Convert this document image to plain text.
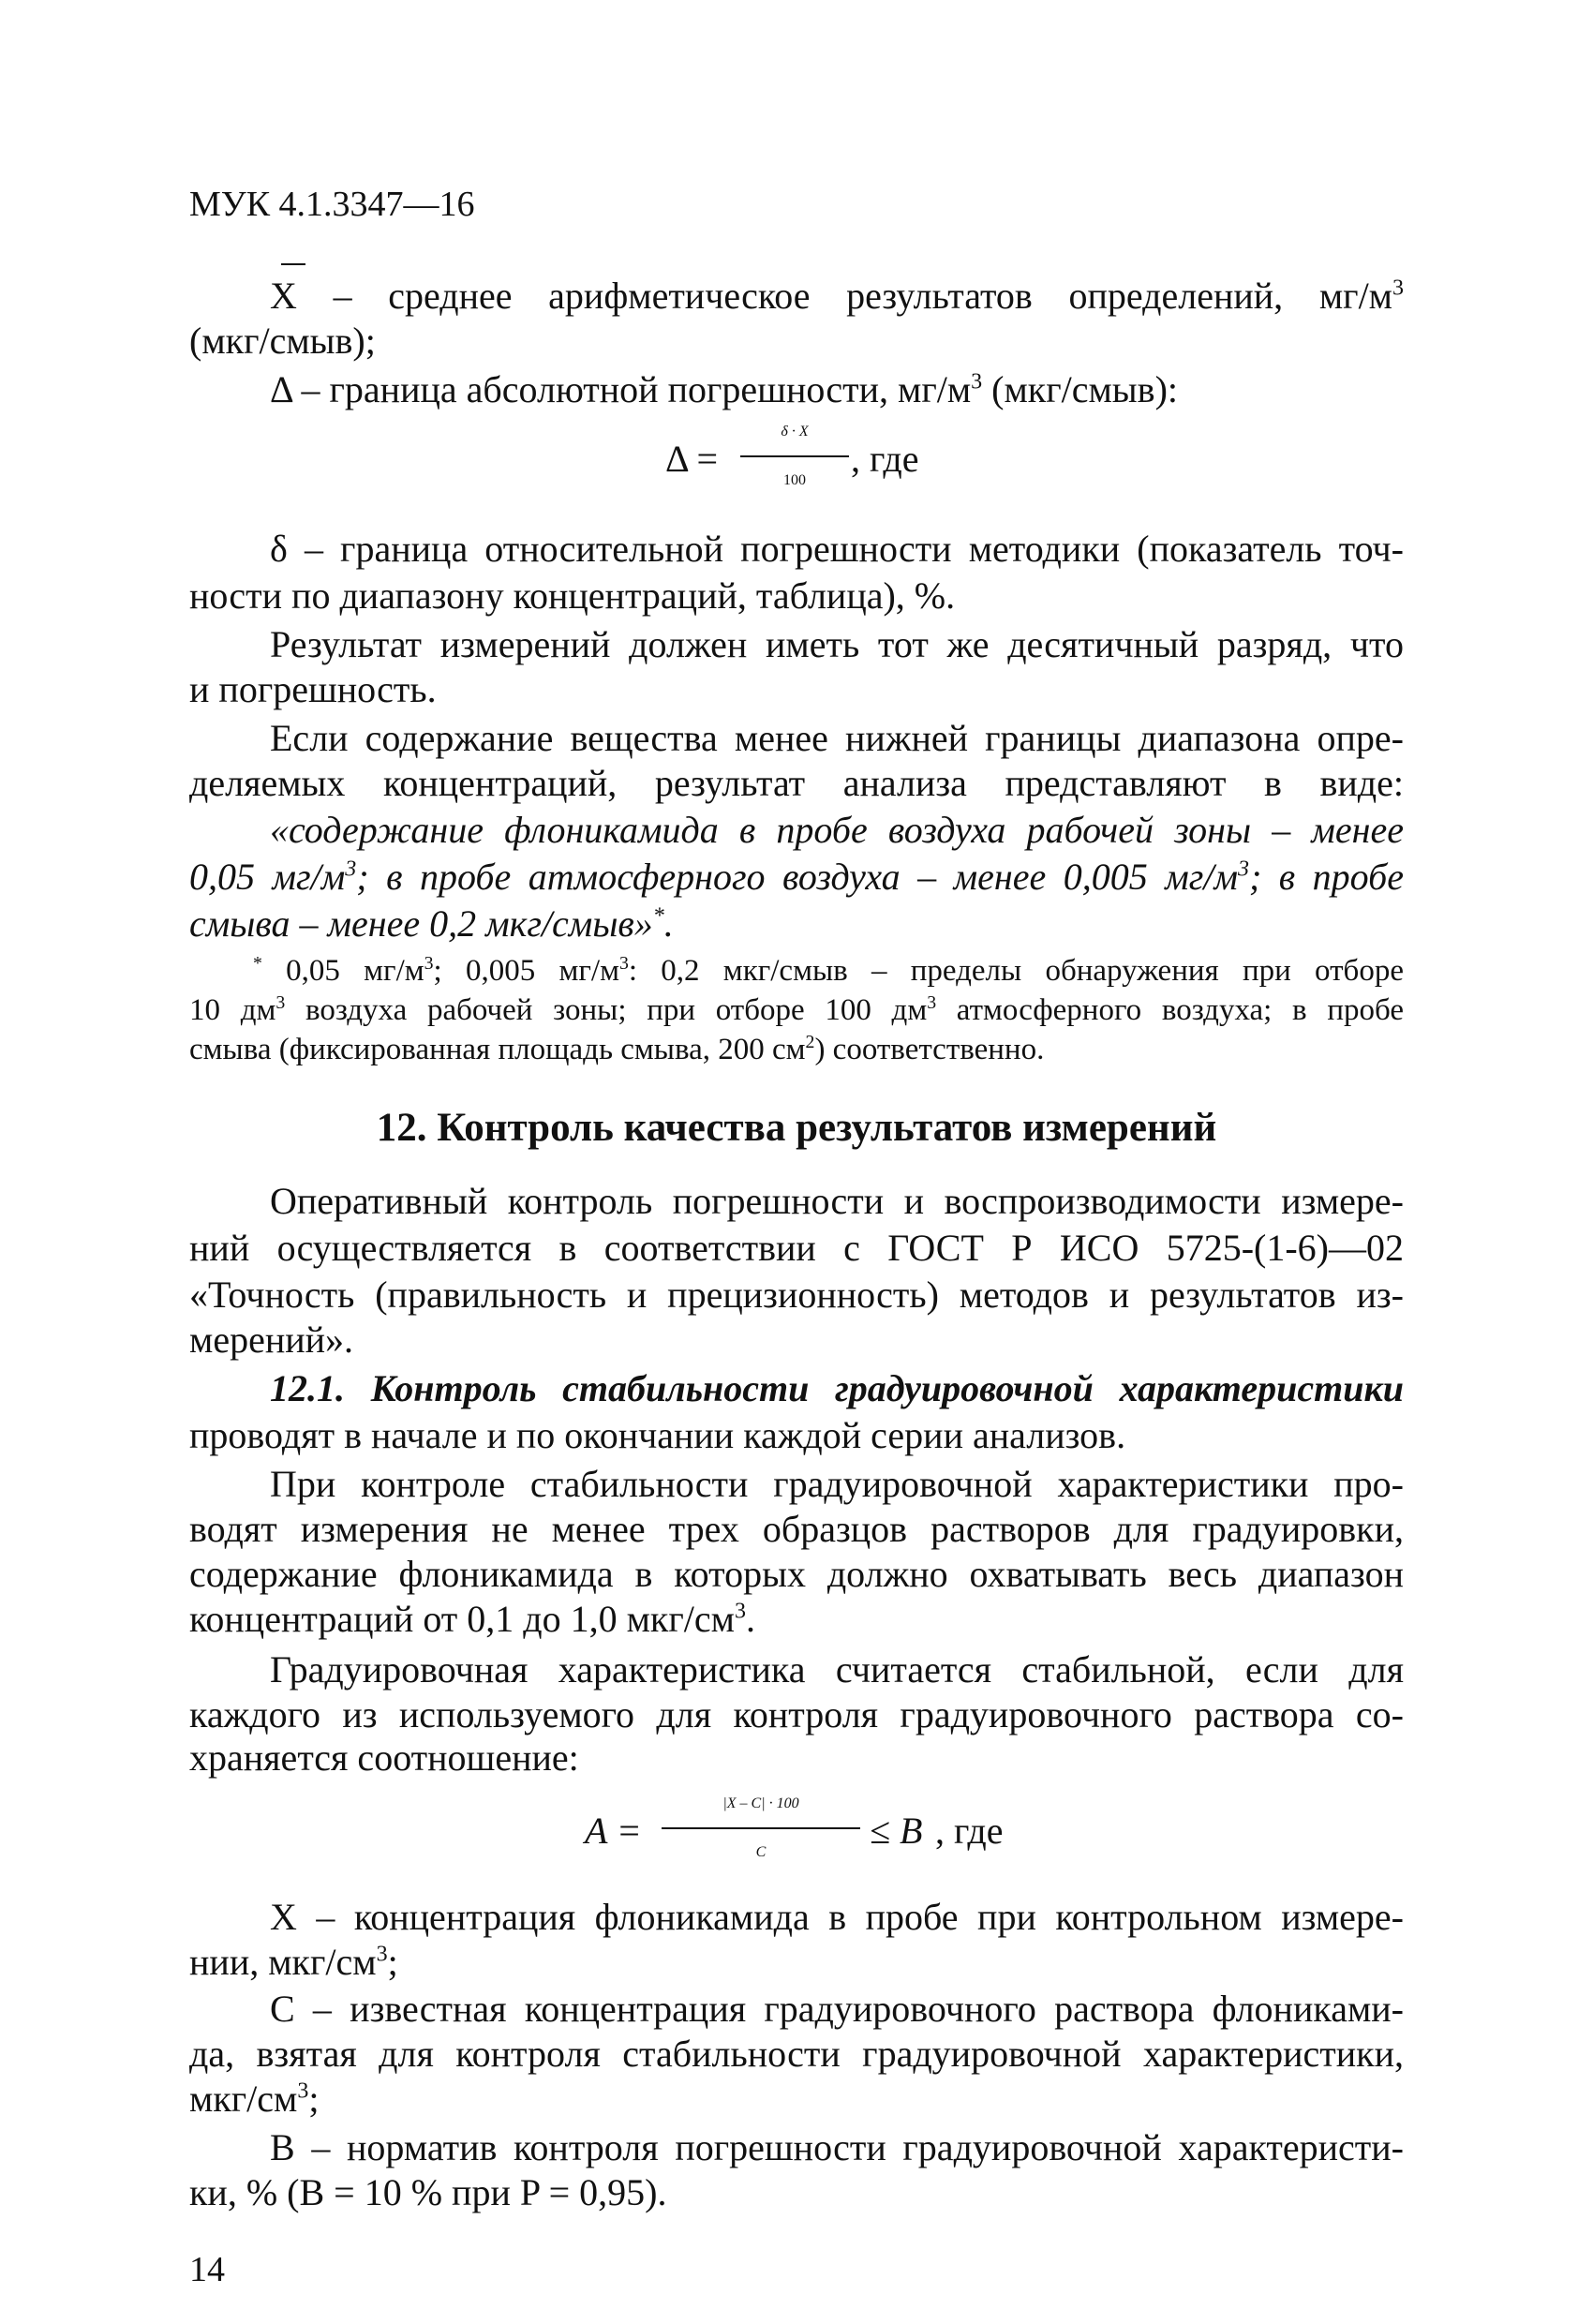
МУК 4.1.3347—16
X – среднее арифметическое результатов определений, $мг/м^3$
(мкг/смыв);
Δ – граница абсолютной погрешности, $мг/м^3$ (мкг/смыв):
Δ =
δ · X
100
, где
δ – граница относительной погрешности методики (показатель точ-
ности по диапазону концентраций, таблица), %.
Результат измерений должен иметь тот же десятичный разряд, что
и погрешность.
Если содержание вещества менее нижней границы диапазона опре-
деляемых концентраций, результат анализа представляют в виде:
«содержание флоникамида в пробе воздуха рабочей зоны – менее
0,05 $мг/м^3$; в пробе атмосферного воздуха – менее 0,005 $мг/м^3$; в пробе
смыва – менее 0,2 мкг/смыв»*.
* 0,05 $мг/м^3$; 0,005 $мг/м^3$: 0,2 мкг/смыв – пределы обнаружения при отборе
10 $дм^3$ воздуха рабочей зоны; при отборе 100 $дм^3$ атмосферного воздуха; в пробе
смыва (фиксированная площадь смыва, 200 $см^2$) соответственно.
12. Контроль качества результатов измерений
Оперативный контроль погрешности и воспроизводимости измере-
ний осуществляется в соответствии с ГОСТ Р ИСО 5725-(1-6)—02
«Точность (правильность и прецизионность) методов и результатов из-
мерений».
12.1. Контроль стабильности градуировочной характеристики
проводят в начале и по окончании каждой серии анализов.
При контроле стабильности градуировочной характеристики про-
водят измерения не менее трех образцов растворов для градуировки,
содержание флоникамида в которых должно охватывать весь диапазон
концентраций от 0,1 до 1,0 мкг/$см^3$.
Градуировочная характеристика считается стабильной, если для
каждого из используемого для контроля градуировочного раствора со-
храняется соотношение:
A =
|X – C| · 100
C
≤ B , где
X – концентрация флоникамида в пробе при контрольном измере-
нии, мкг/$см^3$;
C – известная концентрация градуировочного раствора флониками-
да, взятая для контроля стабильности градуировочной характеристики,
14
мкг/$см^3$;
B – норматив контроля погрешности градуировочной характеристи-
ки, % (B = 10 % при P = 0,95).
